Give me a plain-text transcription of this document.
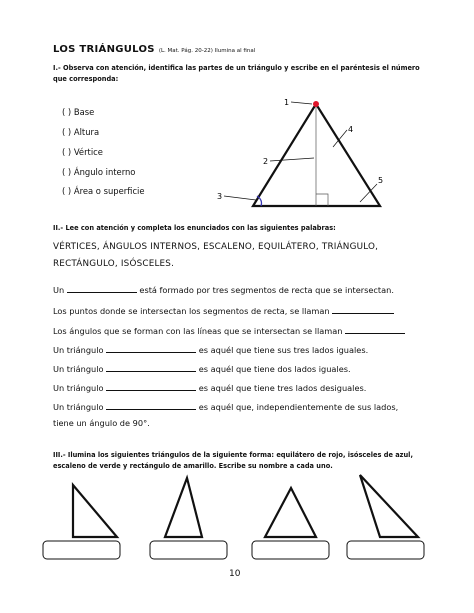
LOS TRIÁNGULOS (L. Mat. Pág. 20-22) Ilumina al final
I.- Observa con atención, identifica las partes de un triángulo y escribe en el paréntesis el número que corresponda:
( ) Base
( ) Altura
( ) Vértice
( ) Ángulo interno
( ) Área o superficie
1
2
3
4
5
II.- Lee con atención y completa los enunciados con las siguientes palabras:
VÉRTICES, ÁNGULOS INTERNOS, ESCALENO, EQUILÁTERO, TRIÁNGULO, RECTÁNGULO, ISÓSCELES.
Un	está formado por tres segmentos de recta que se intersectan.
Los puntos donde se intersectan los segmentos de recta, se llaman
Los ángulos que se forman con las líneas que se intersectan se llaman
Un triángulo	es aquél que tiene sus tres lados iguales.
Un triángulo	es aquél que tiene dos lados iguales.
Un triángulo	es aquél que tiene tres lados desiguales.
Un triángulo	es aquél que, independientemente de sus lados,
tiene un ángulo de 90°.
III.- Ilumina los siguientes triángulos de la siguiente forma: equilátero de rojo, isósceles de azul, escaleno de verde y rectángulo de amarillo. Escribe su nombre a cada uno.
10
